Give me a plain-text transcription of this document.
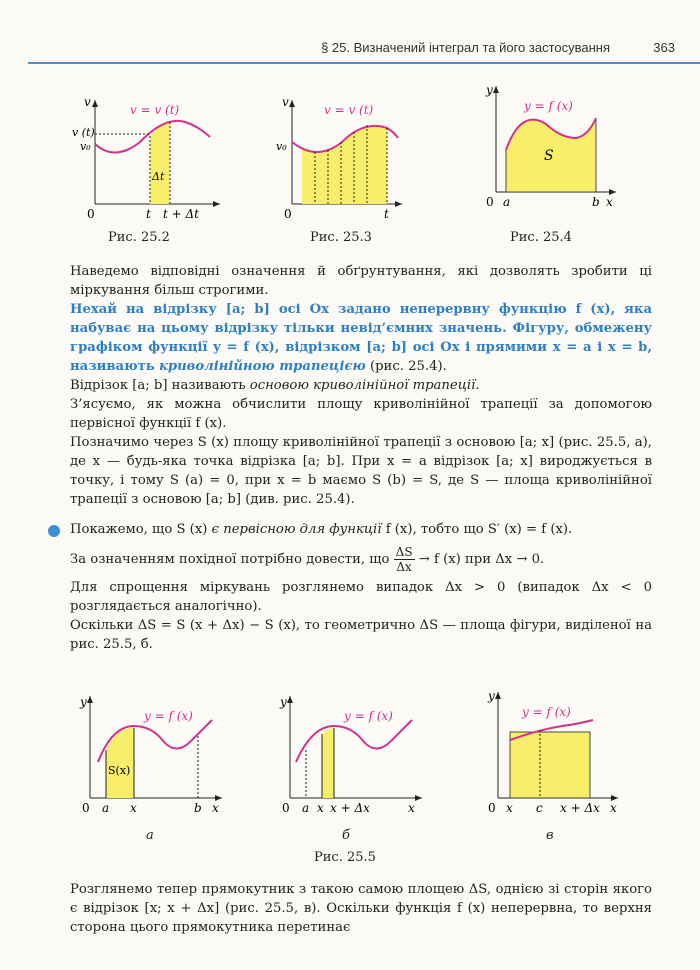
§ 25. Визначений інтеграл та його застосування	363
v
v = v (t)
v (t)
v₀
Δt
0	t t + Δt
Рис. 25.2
v
v = v (t)
v₀
0	t
Рис. 25.3
y
y = f (x)
S
0 a	b x
Рис. 25.4

Наведемо відповідні означення й обґрунтування, які дозволять зробити ці міркування більш строгими.

Нехай на відрізку [a; b] осі Ox задано неперервну функцію f (x), яка набуває на цьому відрізку тільки невід’ємних значень. Фігуру, обмежену графіком функції y = f (x), відрізком [a; b] осі Ox і прямими x = a і x = b, називають криволінійною трапецією (рис. 25.4).

Відрізок [a; b] називають основою криволінійної трапеції.

З’ясуємо, як можна обчислити площу криволінійної трапеції за допомогою первісної функції f (x).

Позначимо через S (x) площу криволінійної трапеції з основою [a; x] (рис. 25.5, а), де x — будь-яка точка відрізка [a; b]. При x = a відрізок [a; x] вироджується в точку, і тому S (a) = 0, при x = b маємо S (b) = S, де S — площа криволінійної трапеції з основою [a; b] (див. рис. 25.4).

Покажемо, що S (x) є первісною для функції f (x), тобто що S′ (x) = f (x).

За означенням похідної потрібно довести, що $\frac{\Delta S}{\Delta x} \to f$ (x) при Δx → 0.

Для спрощення міркувань розглянемо випадок Δx > 0 (випадок Δx < 0 розглядається аналогічно).

Оскільки ΔS = S (x + Δx) − S (x), то геометрично ΔS — площа фігури, виділеної на рис. 25.5, б.

y
y = f (x)
S(x)
0 a x	b x
а
y
y = f (x)
0 a x x + Δx	x
б
y
y = f (x)
0 x c x + Δx x
в
Рис. 25.5

Розглянемо тепер прямокутник з такою самою площею ΔS, однією зі сторін якого є відрізок [x; x + Δx] (рис. 25.5, в). Оскільки функція f (x) неперервна, то верхня сторона цього прямокутника перетинає
